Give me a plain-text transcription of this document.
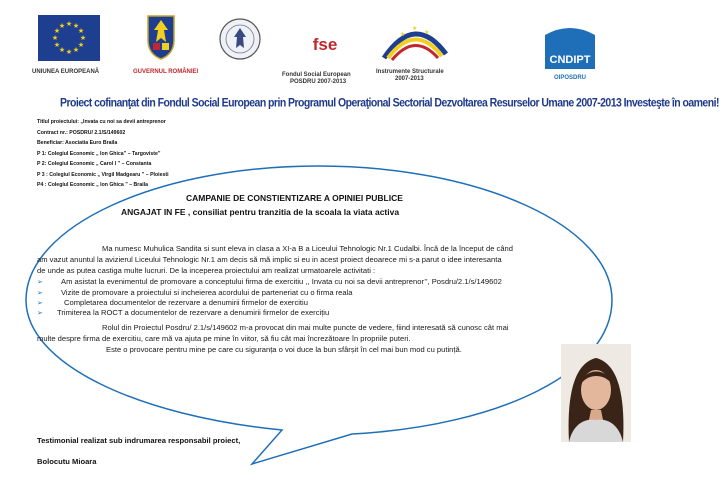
★ ★
★
★
★
★
★
★
★
★
★
★
UNIUNEA EUROPEANĂ	GUVERNUL ROMÂNIEI
fse
Fondul Social European
POSDRU 2007-2013
★
★
★
Instrumente Structurale
2007-2013
CNDIPT
OIPOSDRU
Proiect cofinanţat din Fondul Social European prin Programul Operaţional Sectorial Dezvoltarea Resurselor Umane 2007-2013 Investeşte în oameni!
Titlul proiectului: „Invata cu noi sa devii antreprenor
Contract nr.: POSDRU/ 2.1/S/149602
Beneficiar: Asociatia Euro Braila
P 1: Colegiul Economic „ Ion Ghica” – Targoviste”
P 2: Colegiul Economic „ Carol I ” – Constanta
P 3 : Colegiul Economic „ Virgil Madgearu ” – Ploiesti
P4 : Colegiul Economic „ Ion Ghica ” – Braila
CAMPANIE DE CONSTIENTIZARE A OPINIEI PUBLICE
ANGAJAT IN FE , consiliat pentru tranzitia de la scoala la viata activa
Ma numesc Muhulica Sandita si sunt eleva in clasa a XI-a B a Liceului Tehnologic Nr.1 Cudalbi. Încă de la început de când
am vazut anuntul la avizierul Liceului Tehnologic Nr.1 am decis să mă implic si eu in acest proiect deoarece mi s-a parut o idee interesanta
de unde as putea castiga multe lucruri. De la inceperea proiectului am realizat urmatoarele activitati :
➢ Am asistat la evenimentul de promovare a conceptului firma de exercitiu ,, Invata cu noi sa devii antreprenor’’, Posdru/2.1/s/149602
➢ Vizite de promovare a proiectului si incheierea acordului de parteneriat cu o firma reala
➢	Completarea documentelor de rezervare a denumirii firmelor de exercitiu
➢ Trimiterea la ROCT a documentelor de rezervare a denumirii firmelor de exercițiu
Rolul din Proiectul Posdru/ 2.1/s/149602 m-a provocat din mai multe puncte de vedere, fiind interesată să cunosc cât mai
multe despre firma de exercitiu, care mă va ajuta pe mine în viitor, să fiu cât mai încrezătoare în propriile puteri.
Este o provocare pentru mine pe care cu siguranța o voi duce la bun sfârșit în cel mai bun mod cu putință.
Testimonial realizat sub indrumarea responsabil proiect,
Bolocutu Mioara
